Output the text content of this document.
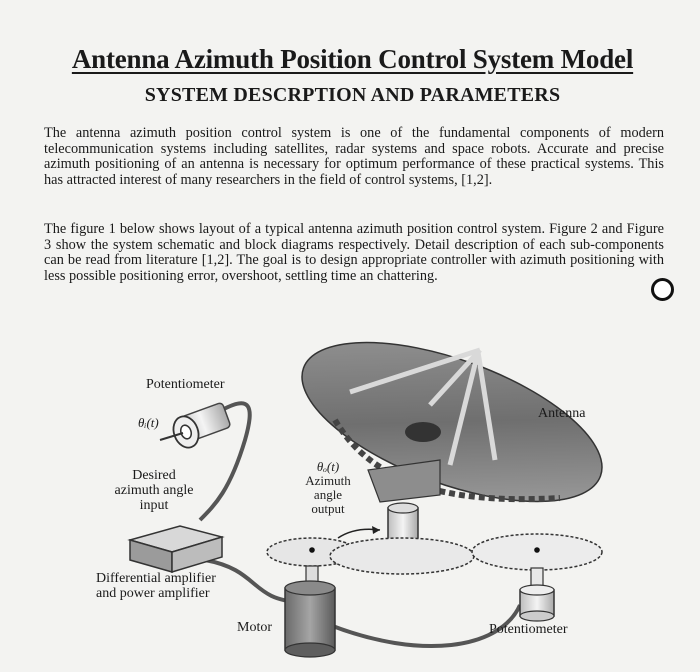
Antenna Azimuth Position Control System Model
SYSTEM DESCRPTION AND PARAMETERS
The antenna azimuth position control system is one of the fundamental components of modern telecommunication systems including satellites, radar systems and space robots. Accurate and precise azimuth positioning of an antenna is necessary for optimum performance of these practical systems. This has attracted interest of many researchers in the field of control systems, [1,2].
The figure 1 below shows layout of a typical antenna azimuth position control system. Figure 2 and Figure 3 show the system schematic and block diagrams respectively. Detail description of each sub-components can be read from literature [1,2]. The goal is to design appropriate controller with azimuth positioning with less possible positioning error, overshoot, settling time an chattering.
Potentiometer
θᵢ(t)
Desired
azimuth angle
input
θₒ(t)
Azimuth
angle
output
Antenna
Differential amplifier
and power amplifier
Motor	Potentiometer
